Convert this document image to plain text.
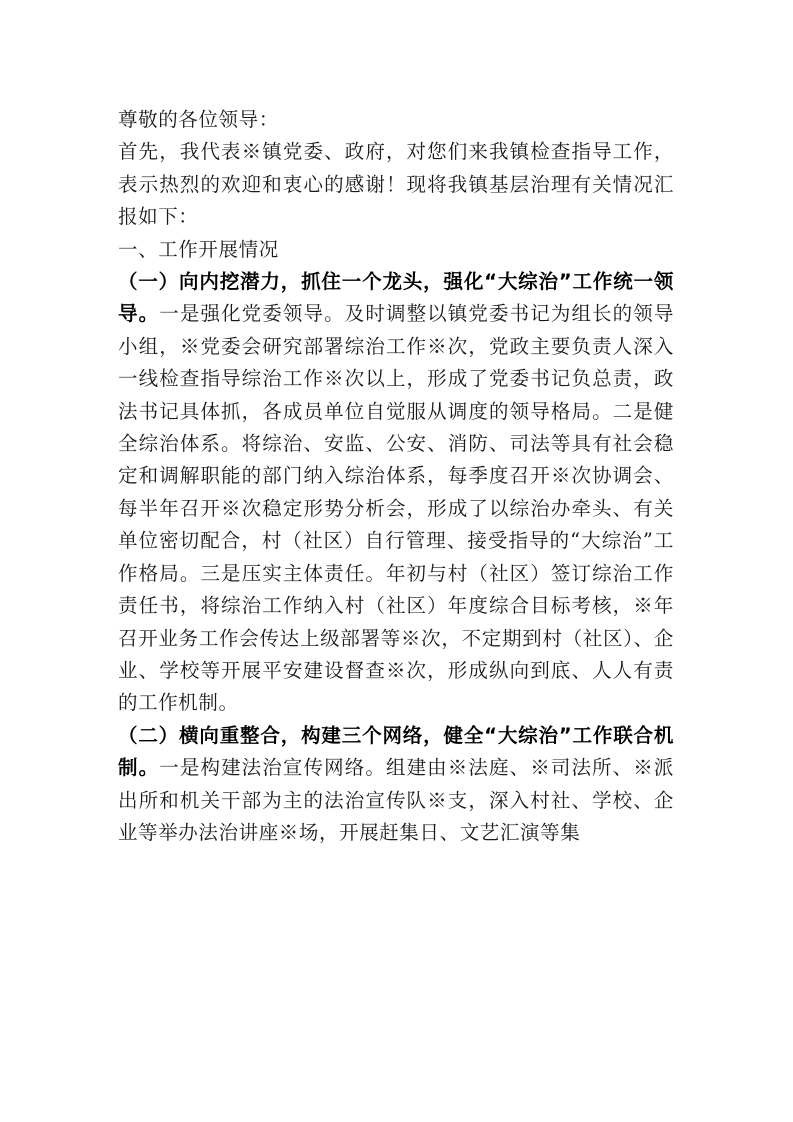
尊敬的各位领导：

首先，我代表※镇党委、政府，对您们来我镇检查指导工作，表示热烈的欢迎和衷心的感谢！现将我镇基层治理有关情况汇报如下：

一、工作开展情况

（一）向内挖潜力，抓住一个龙头，强化“大综治”工作统一领导。一是强化党委领导。及时调整以镇党委书记为组长的领导小组，※党委会研究部署综治工作※次，党政主要负责人深入一线检查指导综治工作※次以上，形成了党委书记负总责，政法书记具体抓，各成员单位自觉服从调度的领导格局。二是健全综治体系。将综治、安监、公安、消防、司法等具有社会稳定和调解职能的部门纳入综治体系，每季度召开※次协调会、每半年召开※次稳定形势分析会，形成了以综治办牵头、有关单位密切配合，村（社区）自行管理、接受指导的“大综治”工作格局。三是压实主体责任。年初与村（社区）签订综治工作责任书，将综治工作纳入村（社区）年度综合目标考核，※年召开业务工作会传达上级部署等※次，不定期到村（社区）、企业、学校等开展平安建设督查※次，形成纵向到底、人人有责的工作机制。

（二）横向重整合，构建三个网络，健全“大综治”工作联合机制。一是构建法治宣传网络。组建由※法庭、※司法所、※派出所和机关干部为主的法治宣传队※支，深入村社、学校、企业等举办法治讲座※场，开展赶集日、文艺汇演等集
